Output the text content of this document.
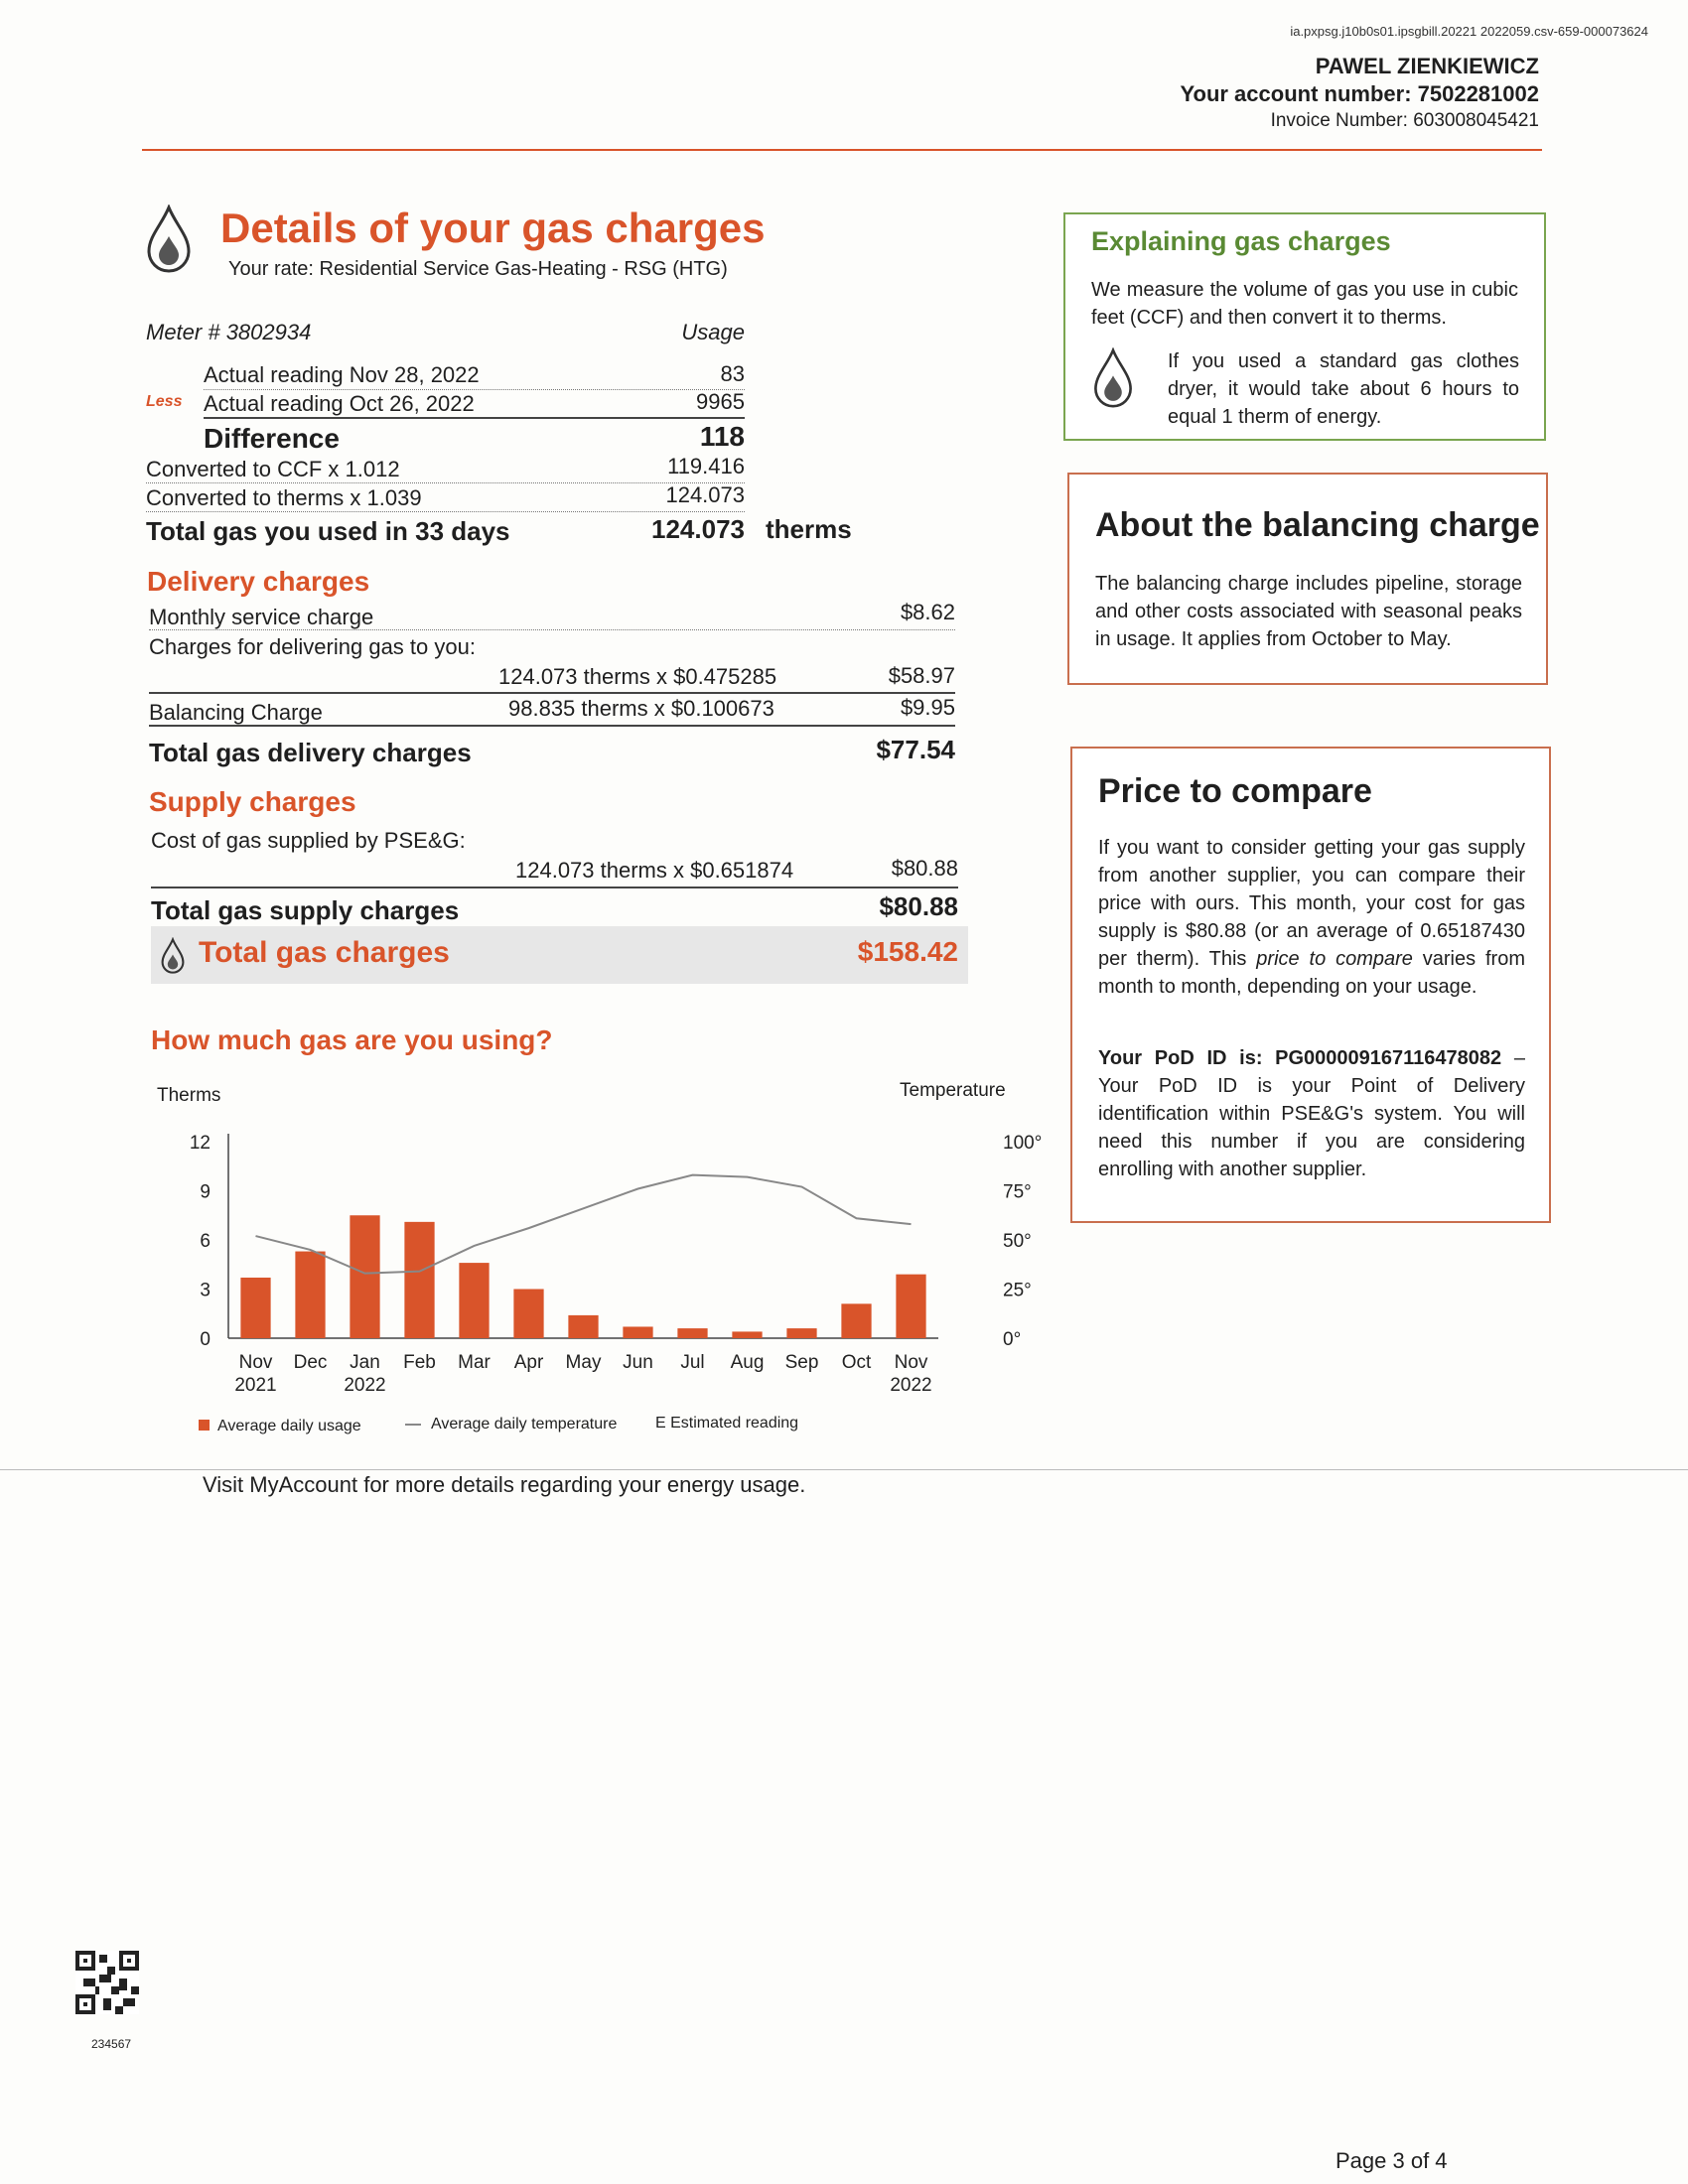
ia.pxpsg.j10b0s01.ipsgbill.20221 2022059.csv-659-000073624
PAWEL ZIENKIEWICZ
Your account number: 7502281002
Invoice Number: 603008045421
Details of your gas charges
Your rate: Residential Service Gas-Heating - RSG (HTG)
Meter # 3802934	Usage
Actual reading Nov 28, 2022	83
Less Actual reading Oct 26, 2022	9965
Difference	118
Converted to CCF x 1.012	119.416
Converted to therms x 1.039	124.073
Total gas you used in 33 days	124.073 therms
Delivery charges
Monthly service charge	$8.62
Charges for delivering gas to you:
124.073 therms x $0.475285	$58.97
Balancing Charge	98.835 therms x $0.100673	$9.95
Total gas delivery charges	$77.54
Supply charges
Cost of gas supplied by PSE&G:
124.073 therms x $0.651874	$80.88
Total gas supply charges	$80.88
Total gas charges	$158.42
Explaining gas charges
We measure the volume of gas you use in cubic feet (CCF) and then convert it to therms.
If you used a standard gas clothes dryer, it would take about 6 hours to equal 1 therm of energy.
About the balancing charge
The balancing charge includes pipeline, storage and other costs associated with seasonal peaks in usage. It applies from October to May.
Price to compare
If you want to consider getting your gas supply from another supplier, you can compare their price with ours. This month, your cost for gas supply is $80.88 (or an average of 0.65187430 per therm). This price to compare varies from month to month, depending on your usage.
Your PoD ID is: PG000009167116478082 – Your PoD ID is your Point of Delivery identification within PSE&G's system. You will need this number if you are considering enrolling with another supplier.
How much gas are you using?
Therms	Temperature
0
3
6
9
12
0°
25°
50°
75°
100°
Nov
2021
Dec Jan
2022
Feb Mar Apr May Jun Jul Aug Sep Oct Nov
2022
Average daily usage	Average daily temperature E Estimated reading
Visit MyAccount for more details regarding your energy usage.
234567
Page 3 of 4
